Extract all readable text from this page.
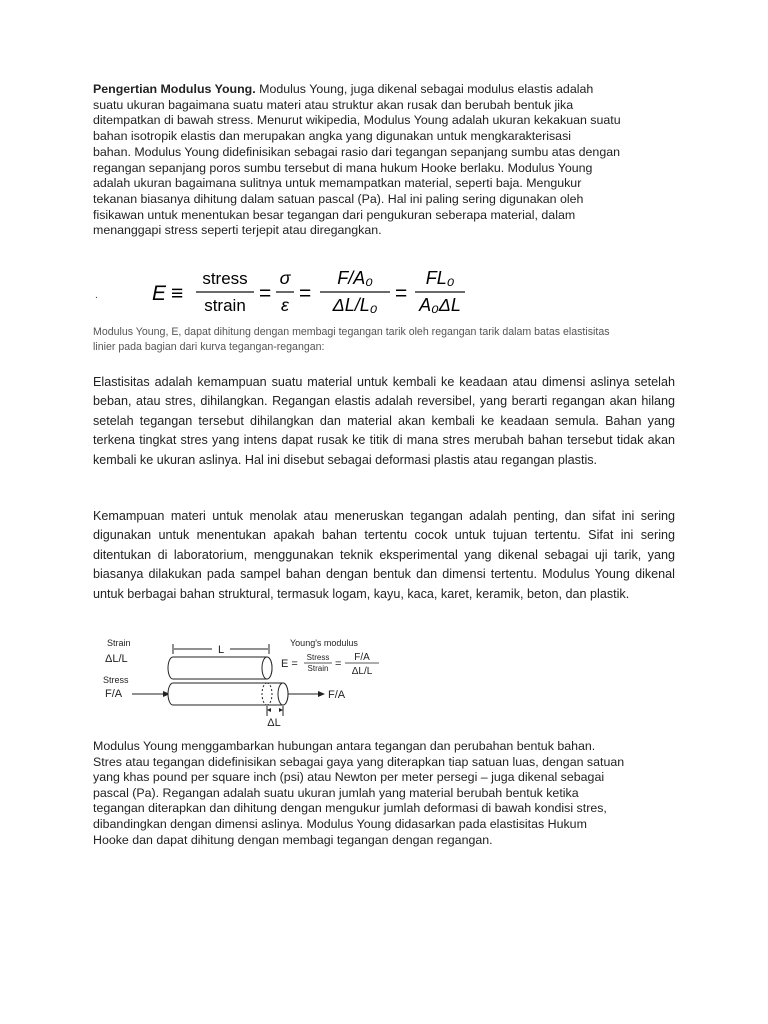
Pengertian Modulus Young. Modulus Young, juga dikenal sebagai modulus elastis adalah
suatu ukuran bagaimana suatu materi atau struktur akan rusak dan berubah bentuk jika
ditempatkan di bawah stress. Menurut wikipedia, Modulus Young adalah ukuran kekakuan suatu
bahan isotropik elastis dan merupakan angka yang digunakan untuk mengkarakterisasi
bahan. Modulus Young didefinisikan sebagai rasio dari tegangan sepanjang sumbu atas dengan
regangan sepanjang poros sumbu tersebut di mana hukum Hooke berlaku. Modulus Young
adalah ukuran bagaimana sulitnya untuk memampatkan material, seperti baja. Mengukur
tekanan biasanya dihitung dalam satuan pascal (Pa). Hal ini paling sering digunakan oleh
fisikawan untuk menentukan besar tegangan dari pengukuran seberapa material, dalam
menanggapi stress seperti terjepit atau diregangkan.
.	E ≡
stress
strain
=
σ
ε =
F/A₀
ΔL/L₀ =
FL₀
A₀ΔL
Modulus Young, E, dapat dihitung dengan membagi tegangan tarik oleh regangan tarik dalam batas elastisitas
linier pada bagian dari kurva tegangan-regangan:
Elastisitas adalah kemampuan suatu material untuk kembali ke keadaan atau dimensi aslinya setelah beban, atau stres, dihilangkan. Regangan elastis adalah reversibel, yang berarti regangan akan hilang setelah tegangan tersebut dihilangkan dan material akan kembali ke keadaan semula. Bahan yang terkena tingkat stres yang intens dapat rusak ke titik di mana stres merubah bahan tersebut tidak akan kembali ke ukuran aslinya. Hal ini disebut sebagai deformasi plastis atau regangan plastis.
Kemampuan materi untuk menolak atau meneruskan tegangan adalah penting, dan sifat ini sering digunakan untuk menentukan apakah bahan tertentu cocok untuk tujuan tertentu. Sifat ini sering ditentukan di laboratorium, menggunakan teknik eksperimental yang dikenal sebagai uji tarik, yang biasanya dilakukan pada sampel bahan dengan bentuk dan dimensi tertentu. Modulus Young dikenal untuk berbagai bahan struktural, termasuk logam, kayu, kaca, karet, keramik, beton, dan plastik.
Strain
ΔL/L
Stress
F/A
L
F/A
ΔL
Young's modulus
E =
Stress
Strain =
F/A
ΔL/L
Modulus Young menggambarkan hubungan antara tegangan dan perubahan bentuk bahan.
Stres atau tegangan didefinisikan sebagai gaya yang diterapkan tiap satuan luas, dengan satuan
yang khas pound per square inch (psi) atau Newton per meter persegi – juga dikenal sebagai
pascal (Pa). Regangan adalah suatu ukuran jumlah yang material berubah bentuk ketika
tegangan diterapkan dan dihitung dengan mengukur jumlah deformasi di bawah kondisi stres,
dibandingkan dengan dimensi aslinya. Modulus Young didasarkan pada elastisitas Hukum
Hooke dan dapat dihitung dengan membagi tegangan dengan regangan.
